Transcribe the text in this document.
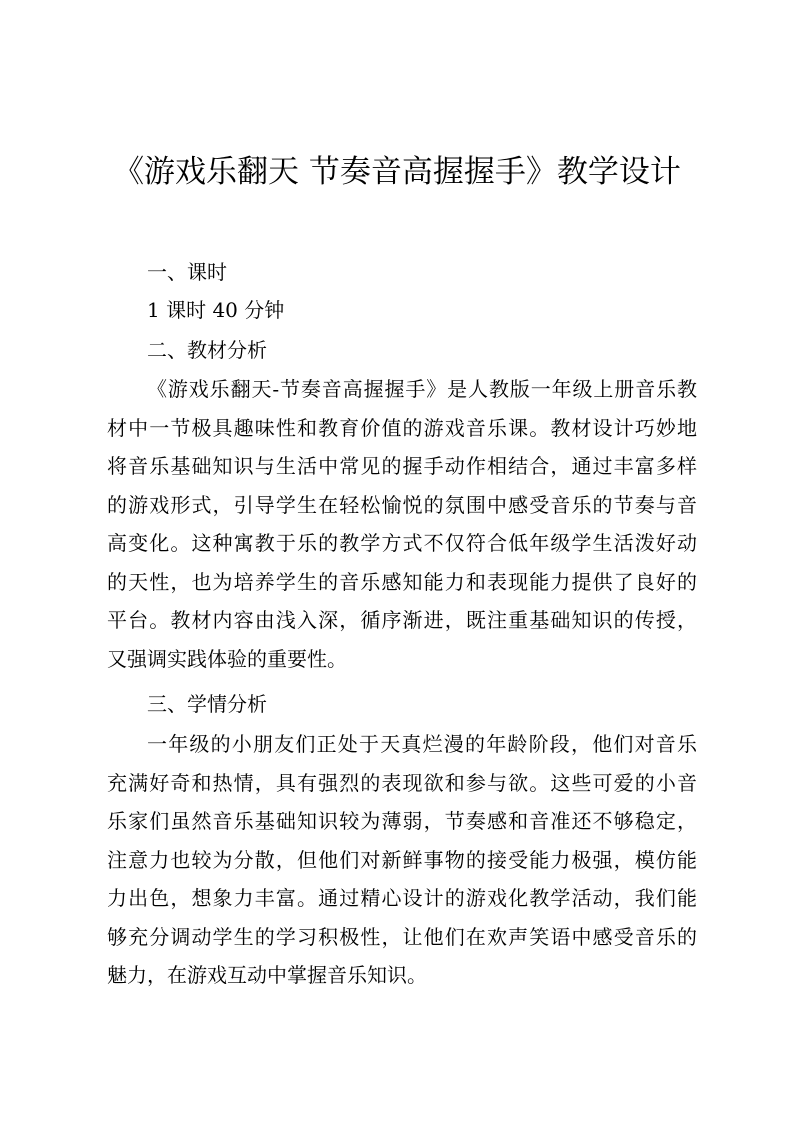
《游戏乐翻天 节奏音高握握手》教学设计
一、课时
1 课时 40 分钟
二、教材分析
《游戏乐翻天-节奏音高握握手》是人教版一年级上册音乐教
材中一节极具趣味性和教育价值的游戏音乐课。教材设计巧妙地
将音乐基础知识与生活中常见的握手动作相结合，通过丰富多样
的游戏形式，引导学生在轻松愉悦的氛围中感受音乐的节奏与音
高变化。这种寓教于乐的教学方式不仅符合低年级学生活泼好动
的天性，也为培养学生的音乐感知能力和表现能力提供了良好的
平台。教材内容由浅入深，循序渐进，既注重基础知识的传授，
又强调实践体验的重要性。
三、学情分析
一年级的小朋友们正处于天真烂漫的年龄阶段，他们对音乐
充满好奇和热情，具有强烈的表现欲和参与欲。这些可爱的小音
乐家们虽然音乐基础知识较为薄弱，节奏感和音准还不够稳定，
注意力也较为分散，但他们对新鲜事物的接受能力极强，模仿能
力出色，想象力丰富。通过精心设计的游戏化教学活动，我们能
够充分调动学生的学习积极性，让他们在欢声笑语中感受音乐的
魅力，在游戏互动中掌握音乐知识。
